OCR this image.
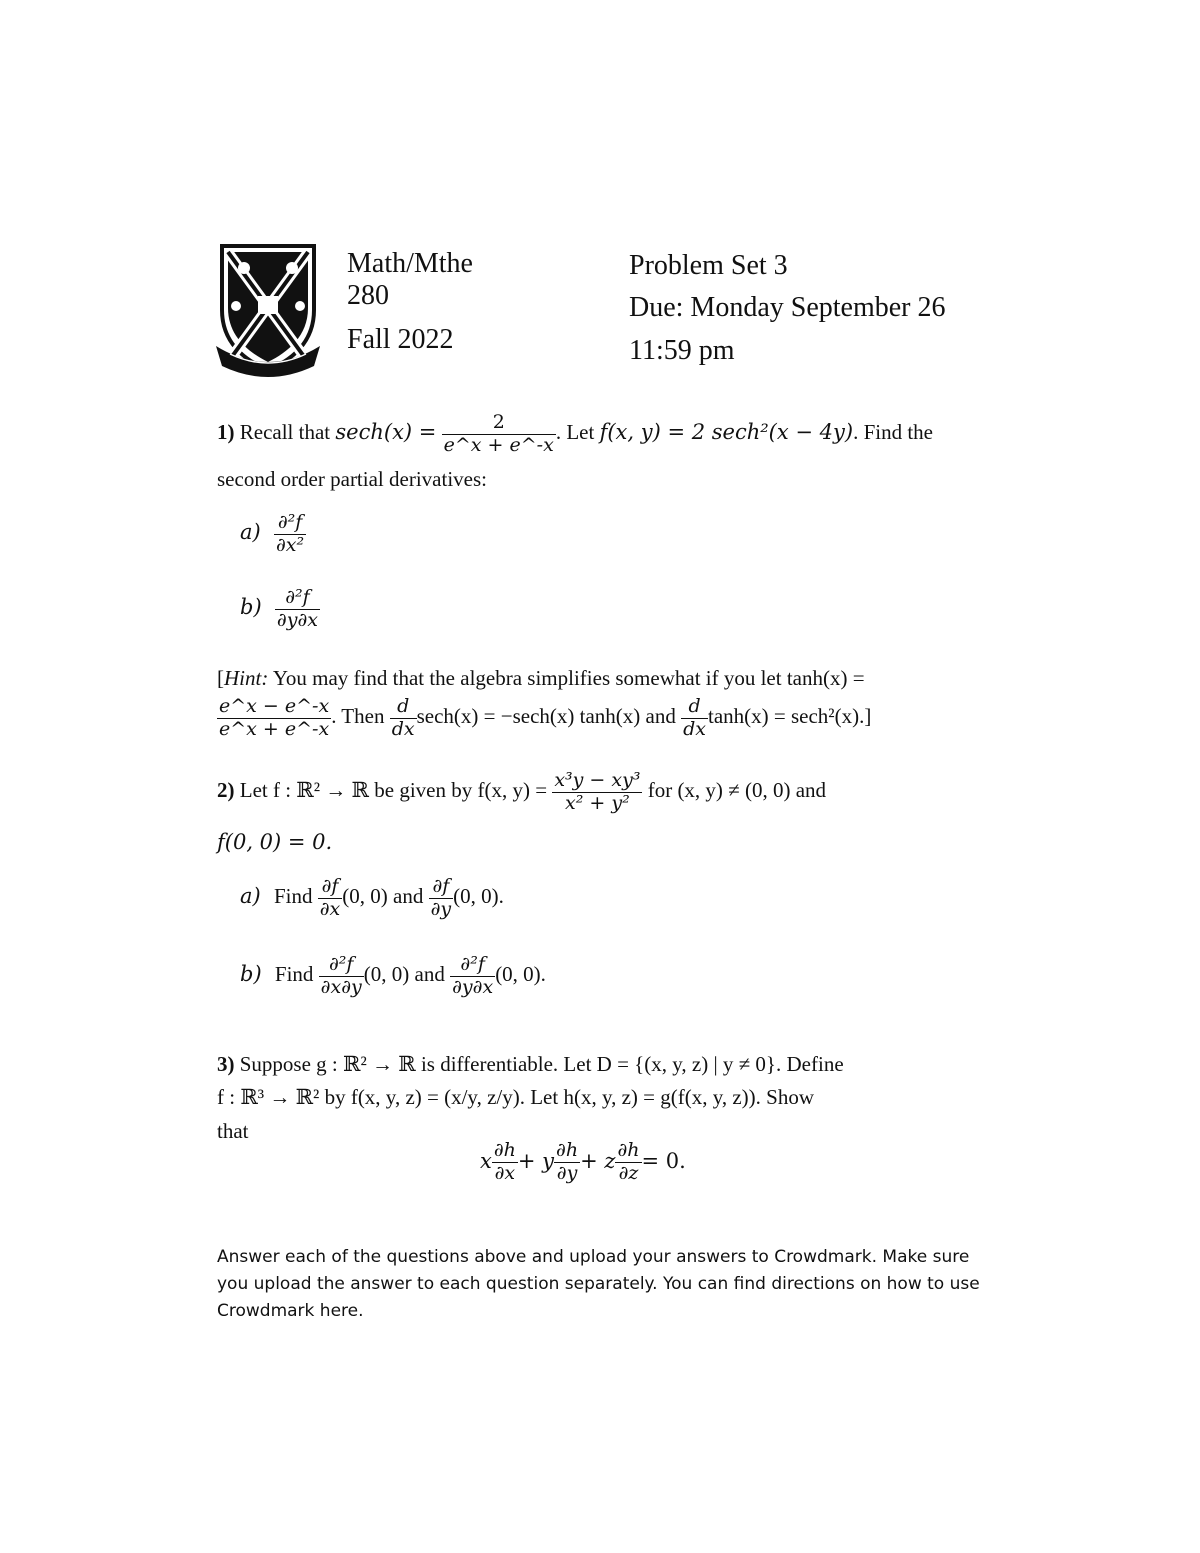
Math/Mthe
280
Fall 2022
Problem Set 3
Due: Monday September 26
11:59 pm
1) Recall that $\sec h(x) = \frac{2}{e\^{}x + e\^{}-x}$ . Let f(x, y) = 2 sech²(x − 4y). Find the
second order partial derivatives:
$a) \frac{\text{∂²f}}{\text{∂x²}}$
$b) \frac{\text{∂²f}}{\partial y\partial x}$
[Hint: You may find that the algebra simplifies somewhat if you let tanh(x) =
$\frac{e\^{}x - e\^{}-x}{e\^{}x + e\^{}-x}$ . Then $\frac{d}{dx} \sec h(x) = -\sec h(x)$ tanh(x) and $\frac{d}{dx} \tanh(x) = \sec h^2(x)$.]
2) Let f : ℝ² → ℝ be given by f(x, $y) = \frac{\text{x³y − xy³}}{\text{x² + y²}}$ for (x, y) ≠ (0, 0) and
f(0, 0) = 0.
a) Find $\frac{\partial f}{\partial x} (0$, 0) and $\frac{\partial f}{\partial y} (0$, 0).
b) Find $\frac{\text{∂²f}}{\partial x\partial y} (0$, 0) and $\frac{\text{∂²f}}{\partial y\partial x} (0$, 0).
3) Suppose g : ℝ² → ℝ is differentiable. Let D = {(x, y, z) | y ≠ 0}. Define
f : ℝ³ → ℝ² by f(x, y, z) = (x/y, z/y). Let h(x, y, z) = g(f(x, y, z)). Show
that
x $\frac{\partial h}{\partial x} + y \frac{\partial h}{\partial y} + z \frac{\partial h}{\partial z} = 0$.
Answer each of the questions above and upload your answers to Crowdmark. Make sure
you upload the answer to each question separately. You can find directions on how to use
Crowdmark here.
